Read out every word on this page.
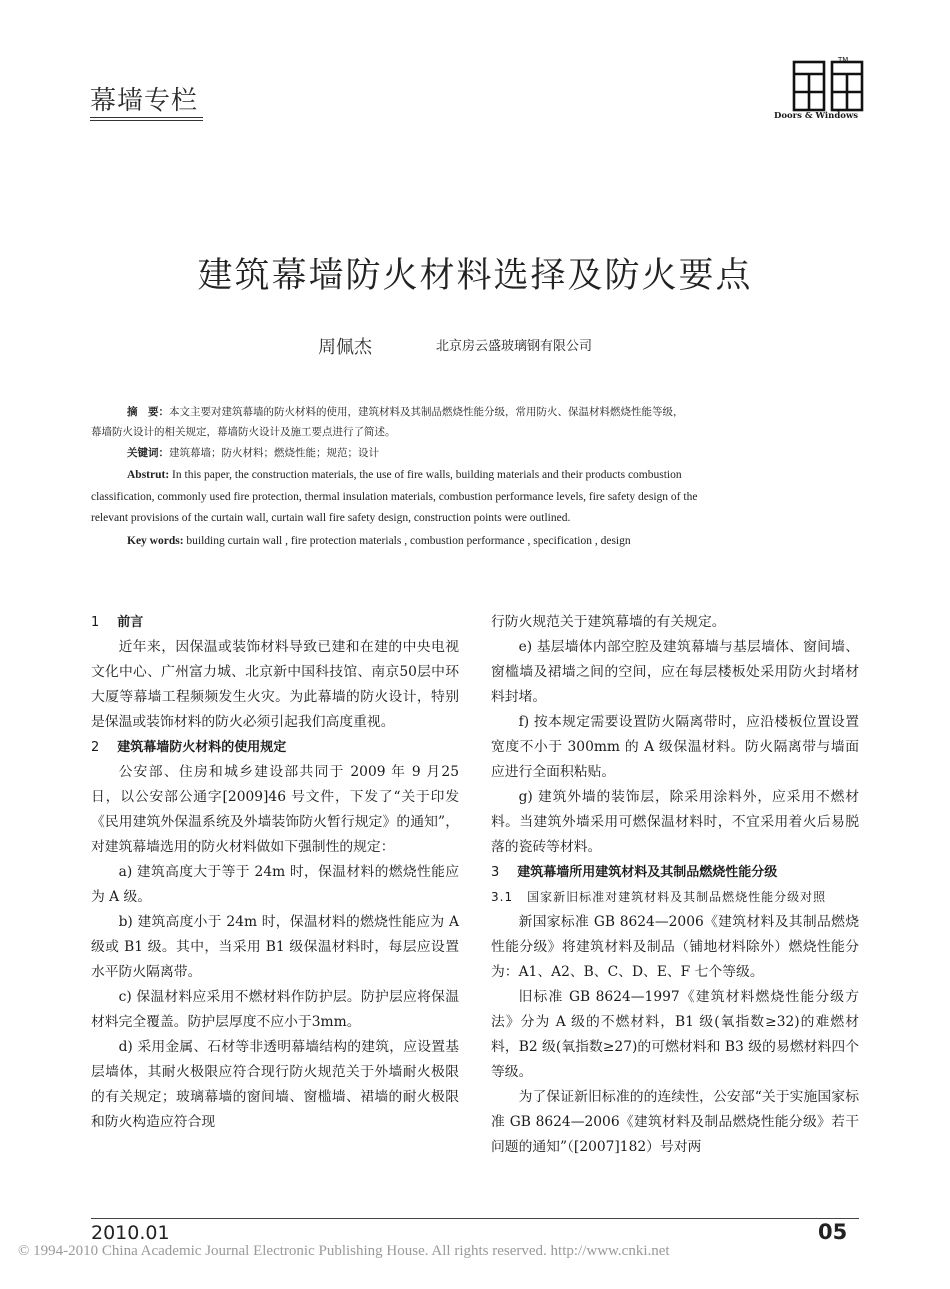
幕墙专栏
TM
Doors & Windows
建筑幕墙防火材料选择及防火要点
周佩杰	北京房云盛玻璃钢有限公司
摘　要：本文主要对建筑幕墙的防火材料的使用，建筑材料及其制品燃烧性能分级，常用防火、保温材料燃烧性能等级，
幕墙防火设计的相关规定，幕墙防火设计及施工要点进行了简述。
关键词：建筑幕墙；防火材料；燃烧性能；规范；设计
Abstrut: In this paper, the construction materials, the use of fire walls, building materials and their products combustion
classification, commonly used fire protection, thermal insulation materials, combustion performance levels, fire safety design of the
relevant provisions of the curtain wall, curtain wall fire safety design, construction points were outlined.
Key words: building curtain wall , fire protection materials , combustion performance , specification , design

1 前言

近年来，因保温或装饰材料导致已建和在建的中央电视文化中心、广州富力城、北京新中国科技馆、南京50层中环大厦等幕墙工程频频发生火灾。为此幕墙的防火设计，特别是保温或装饰材料的防火必须引起我们高度重视。

2 建筑幕墙防火材料的使用规定

公安部、住房和城乡建设部共同于 2009 年 9 月25 日，以公安部公通字[2009]46 号文件，下发了“关于印发《民用建筑外保温系统及外墙装饰防火暂行规定》的通知”，对建筑幕墙选用的防火材料做如下强制性的规定：

a) 建筑高度大于等于 24m 时，保温材料的燃烧性能应为 A 级。

b) 建筑高度小于 24m 时，保温材料的燃烧性能应为 A 级或 B1 级。其中，当采用 B1 级保温材料时，每层应设置水平防火隔离带。

c) 保温材料应采用不燃材料作防护层。防护层应将保温材料完全覆盖。防护层厚度不应小于3mm。

d) 采用金属、石材等非透明幕墙结构的建筑，应设置基层墙体，其耐火极限应符合现行防火规范关于外墙耐火极限的有关规定；玻璃幕墙的窗间墙、窗槛墙、裙墙的耐火极限和防火构造应符合现

行防火规范关于建筑幕墙的有关规定。

e) 基层墙体内部空腔及建筑幕墙与基层墙体、窗间墙、窗槛墙及裙墙之间的空间，应在每层楼板处采用防火封堵材料封堵。

f) 按本规定需要设置防火隔离带时，应沿楼板位置设置宽度不小于 300mm 的 A 级保温材料。防火隔离带与墙面应进行全面积粘贴。

g) 建筑外墙的装饰层，除采用涂料外，应采用不燃材料。当建筑外墙采用可燃保温材料时，不宜采用着火后易脱落的瓷砖等材料。

3 建筑幕墙所用建筑材料及其制品燃烧性能分级

3.1 国家新旧标准对建筑材料及其制品燃烧性能分级对照

新国家标准 GB 8624—2006《建筑材料及其制品燃烧性能分级》将建筑材料及制品（铺地材料除外）燃烧性能分为：A1、A2、B、C、D、E、F 七个等级。

旧标准 GB 8624—1997《建筑材料燃烧性能分级方法》分为 A 级的不燃材料，B1 级(氧指数≥32)的难燃材料，B2 级(氧指数≥27)的可燃材料和 B3 级的易燃材料四个等级。

为了保证新旧标准的的连续性，公安部“关于实施国家标准 GB 8624—2006《建筑材料及制品燃烧性能分级》若干问题的通知”（[2007]182）号对两

2010.01	05
© 1994-2010 China Academic Journal Electronic Publishing House. All rights reserved. http://www.cnki.net
